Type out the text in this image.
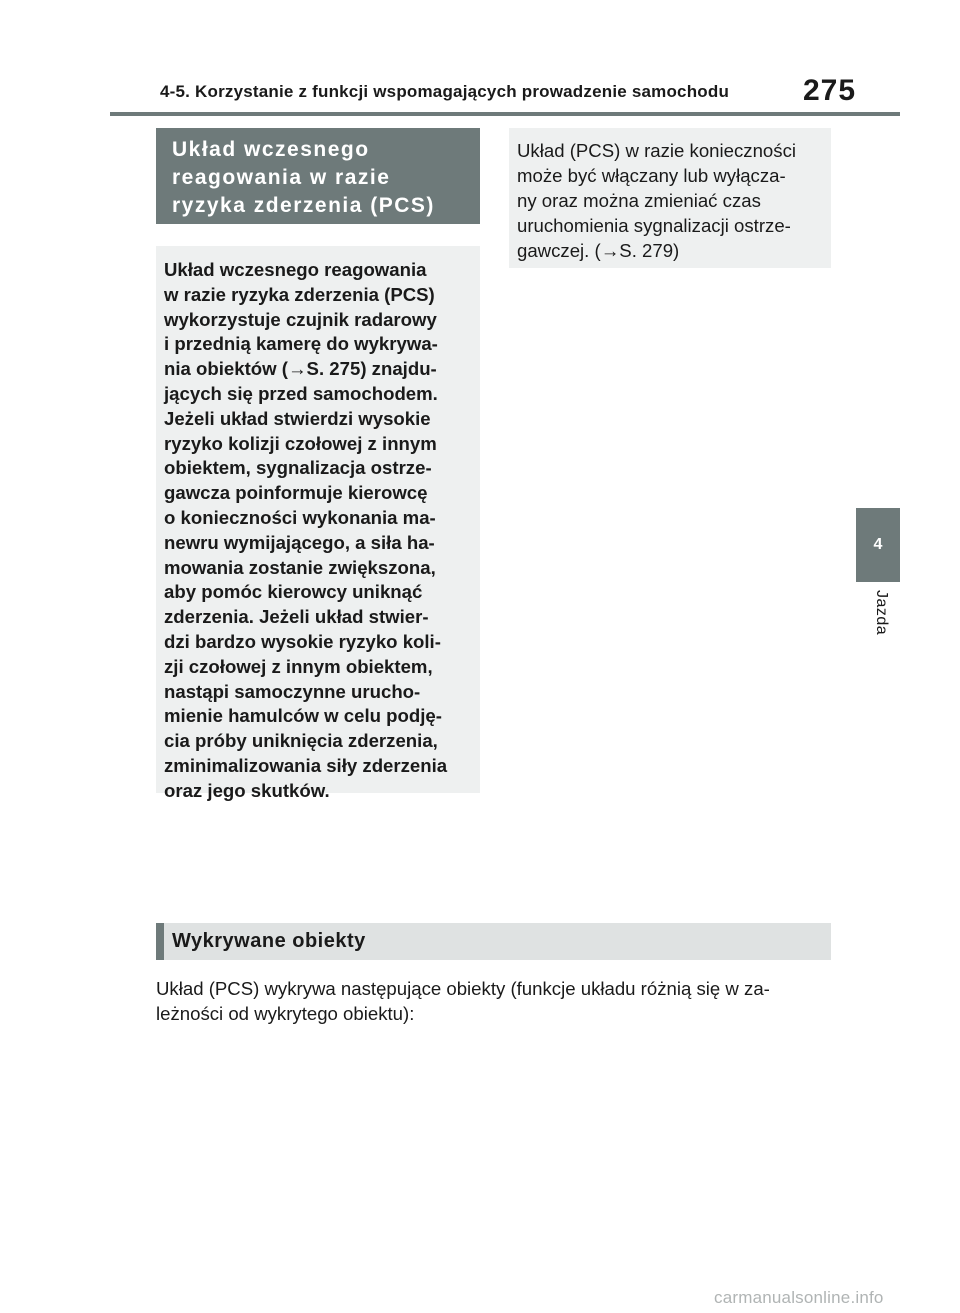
4-5. Korzystanie z funkcji wspomagających prowadzenie samochodu 275
Układ wczesnego
reagowania w razie
ryzyka zderzenia (PCS)
Układ wczesnego reagowania
w razie ryzyka zderzenia (PCS)
wykorzystuje czujnik radarowy
i przednią kamerę do wykrywa-
nia obiektów (→S. 275) znajdu-
jących się przed samochodem.
Jeżeli układ stwierdzi wysokie
ryzyko kolizji czołowej z innym
obiektem, sygnalizacja ostrze-
gawcza poinformuje kierowcę
o konieczności wykonania ma-
newru wymijającego, a siła ha-
mowania zostanie zwiększona,
aby pomóc kierowcy uniknąć
zderzenia. Jeżeli układ stwier-
dzi bardzo wysokie ryzyko koli-
zji czołowej z innym obiektem,
nastąpi samoczynne urucho-
mienie hamulców w celu podję-
cia próby uniknięcia zderzenia,
zminimalizowania siły zderzenia
oraz jego skutków.
Układ (PCS) w razie konieczności
może być włączany lub wyłącza-
ny oraz można zmieniać czas
uruchomienia sygnalizacji ostrze-
gawczej. (→S. 279)
Wykrywane obiekty
Układ (PCS) wykrywa następujące obiekty (funkcje układu różnią się w za-
leżności od wykrytego obiektu):
4
Jazda
carmanualsonline.info
